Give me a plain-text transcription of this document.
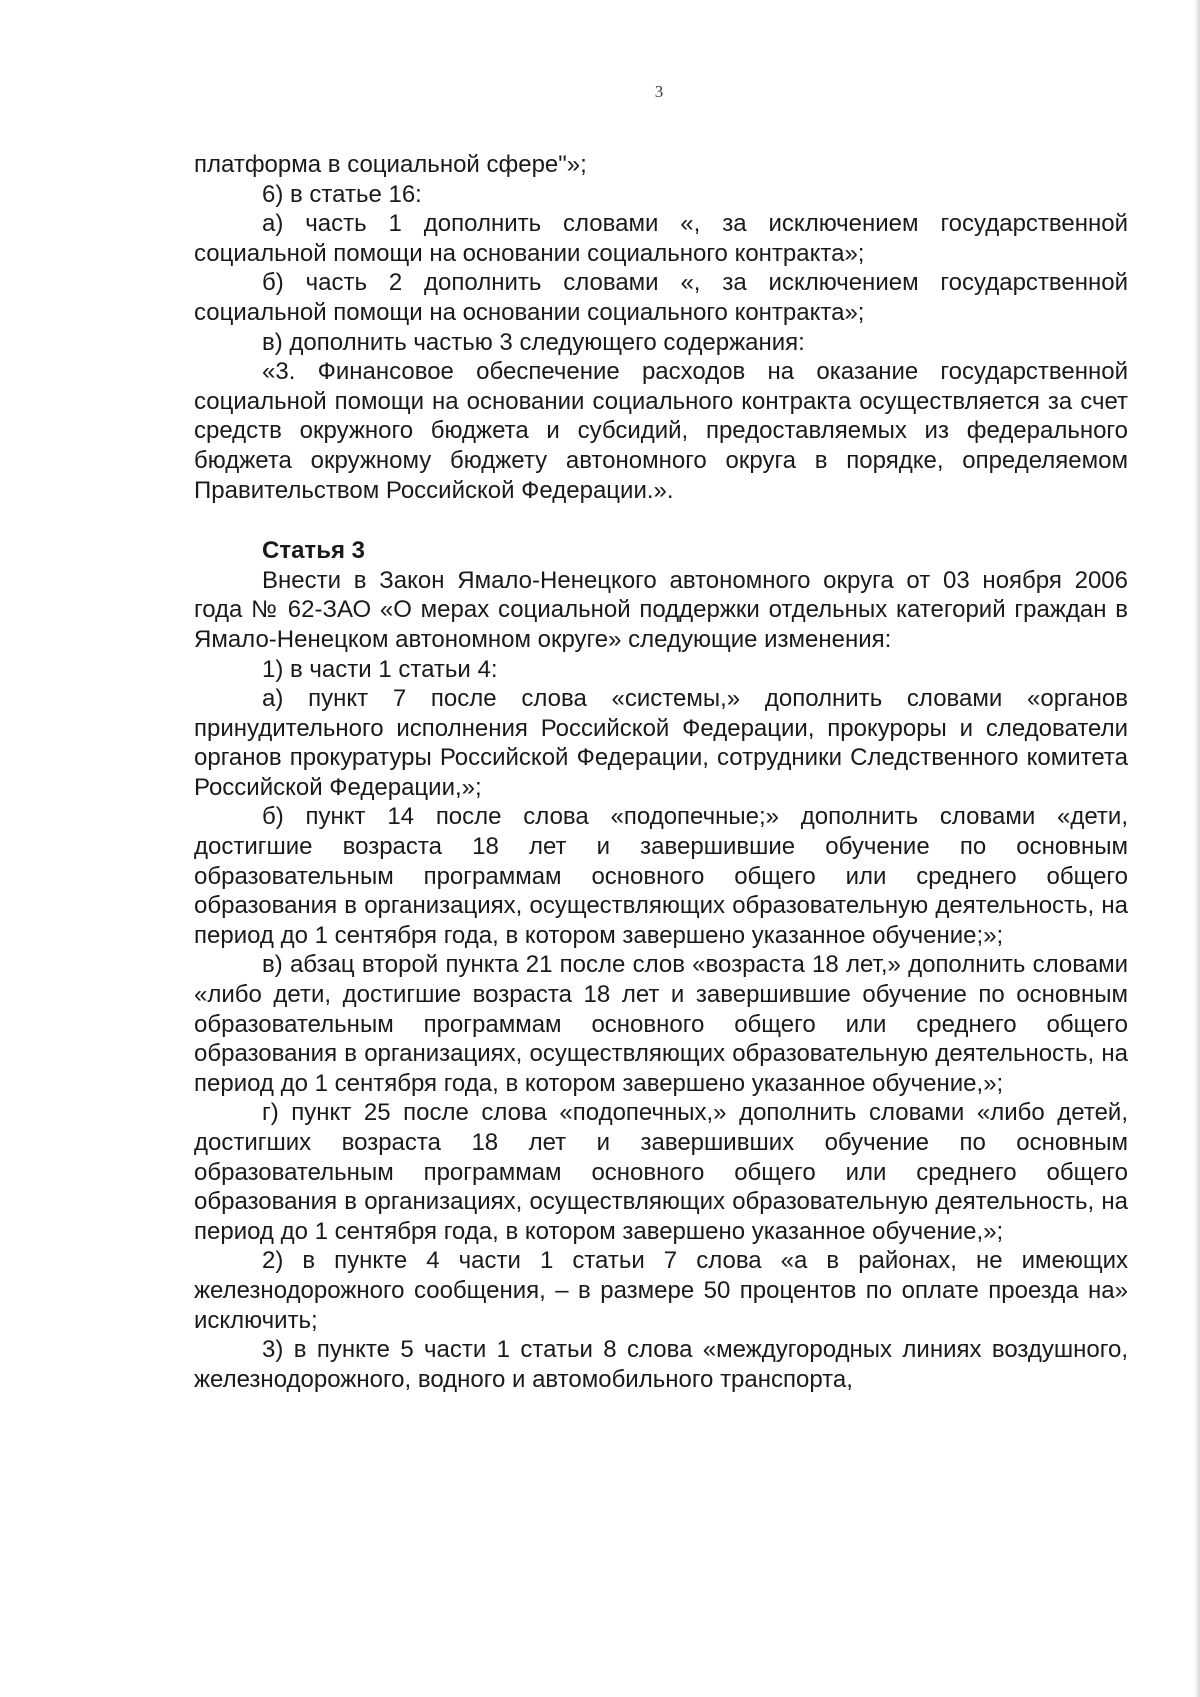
3

платформа в социальной сфере"»;

6) в статье 16:

а) часть 1 дополнить словами «, за исключением государственной социальной помощи на основании социального контракта»;

б) часть 2 дополнить словами «, за исключением государственной социальной помощи на основании социального контракта»;

в) дополнить частью 3 следующего содержания:

«3. Финансовое обеспечение расходов на оказание государственной социальной помощи на основании социального контракта осуществляется за счет средств окружного бюджета и субсидий, предоставляемых из федерального бюджета окружному бюджету автономного округа в порядке, определяемом Правительством Российской Федерации.».

Статья 3

Внести в Закон Ямало-Ненецкого автономного округа от 03 ноября 2006 года № 62-ЗАО «О мерах социальной поддержки отдельных категорий граждан в Ямало-Ненецком автономном округе» следующие изменения:

1) в части 1 статьи 4:

а) пункт 7 после слова «системы,» дополнить словами «органов принудительного исполнения Российской Федерации, прокуроры и следователи органов прокуратуры Российской Федерации, сотрудники Следственного комитета Российской Федерации,»;

б) пункт 14 после слова «подопечные;» дополнить словами «дети, достигшие возраста 18 лет и завершившие обучение по основным образовательным программам основного общего или среднего общего образования в организациях, осуществляющих образовательную деятельность, на период до 1 сентября года, в котором завершено указанное обучение;»;

в) абзац второй пункта 21 после слов «возраста 18 лет,» дополнить словами «либо дети, достигшие возраста 18 лет и завершившие обучение по основным образовательным программам основного общего или среднего общего образования в организациях, осуществляющих образовательную деятельность, на период до 1 сентября года, в котором завершено указанное обучение,»;

г) пункт 25 после слова «подопечных,» дополнить словами «либо детей, достигших возраста 18 лет и завершивших обучение по основным образовательным программам основного общего или среднего общего образования в организациях, осуществляющих образовательную деятельность, на период до 1 сентября года, в котором завершено указанное обучение,»;

2) в пункте 4 части 1 статьи 7 слова «а в районах, не имеющих железнодорожного сообщения, – в размере 50 процентов по оплате проезда на» исключить;

3) в пункте 5 части 1 статьи 8 слова «междугородных линиях воздушного, железнодорожного, водного и автомобильного транспорта,
